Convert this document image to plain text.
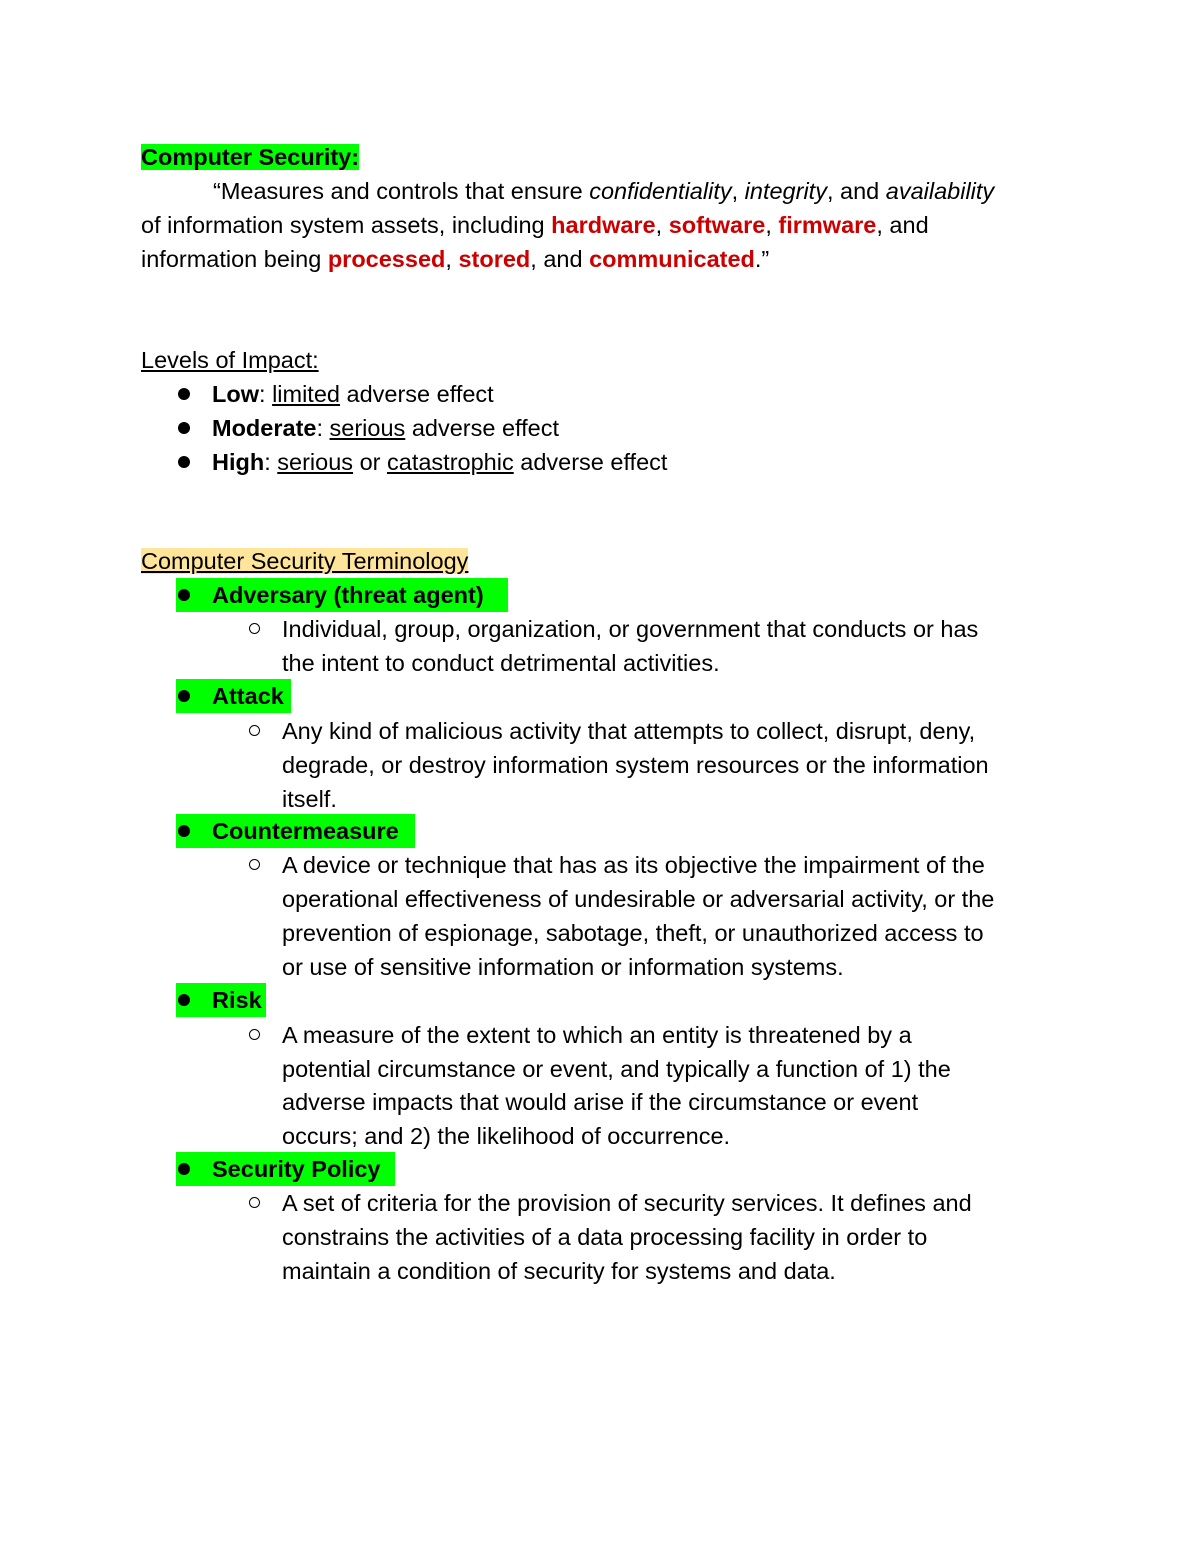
Computer Security:
“Measures and controls that ensure confidentiality, integrity, and availability
of information system assets, including hardware, software, firmware, and
information being processed, stored, and communicated.”
Levels of Impact:
Low: limited adverse effect
Moderate: serious adverse effect
High: serious or catastrophic adverse effect
Computer Security Terminology
Adversary (threat agent)
Individual, group, organization, or government that conducts or has
the intent to conduct detrimental activities.
Attack
Any kind of malicious activity that attempts to collect, disrupt, deny,
degrade, or destroy information system resources or the information
itself.
Countermeasure
A device or technique that has as its objective the impairment of the
operational effectiveness of undesirable or adversarial activity, or the
prevention of espionage, sabotage, theft, or unauthorized access to
or use of sensitive information or information systems.
Risk
A measure of the extent to which an entity is threatened by a
potential circumstance or event, and typically a function of 1) the
adverse impacts that would arise if the circumstance or event
occurs; and 2) the likelihood of occurrence.
Security Policy
A set of criteria for the provision of security services. It defines and
constrains the activities of a data processing facility in order to
maintain a condition of security for systems and data.
